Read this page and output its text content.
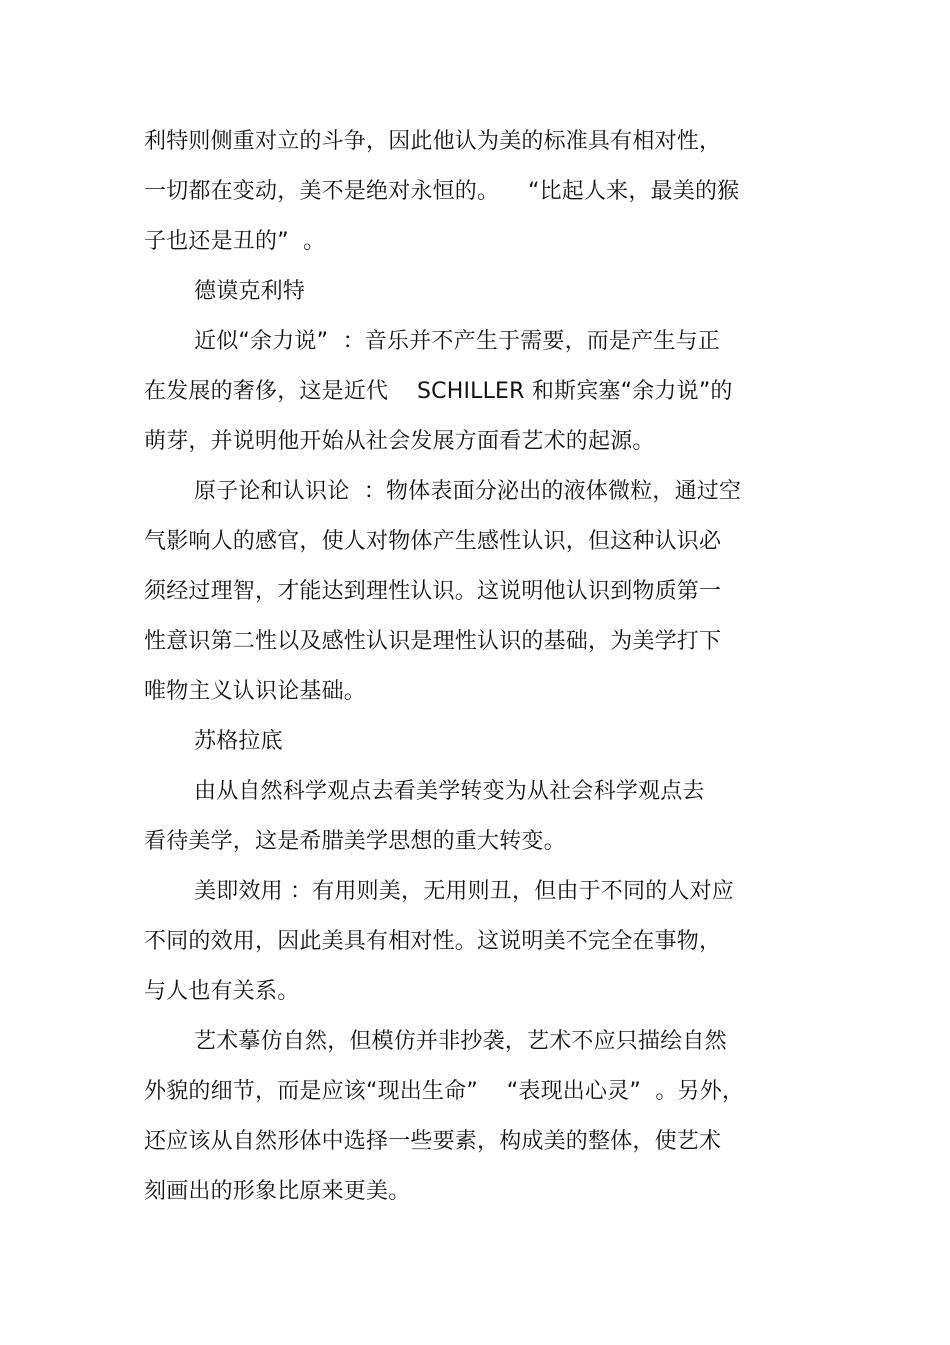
利特则侧重对立的斗争，因此他认为美的标准具有相对性，
一切都在变动，美不是绝对永恒的。    “比起人来，最美的猴
子也还是丑的”  。
德谟克利特
近似“余力说”  ：音乐并不产生于需要，而是产生与正
在发展的奢侈，这是近代    SCHILLER 和斯宾塞“余力说”的
萌芽，并说明他开始从社会发展方面看艺术的起源。
原子论和认识论  ：物体表面分泌出的液体微粒，通过空
气影响人的感官，使人对物体产生感性认识，但这种认识必
须经过理智，才能达到理性认识。这说明他认识到物质第一
性意识第二性以及感性认识是理性认识的基础，为美学打下
唯物主义认识论基础。
苏格拉底
由从自然科学观点去看美学转变为从社会科学观点去
看待美学，这是希腊美学思想的重大转变。
美即效用 ：有用则美，无用则丑，但由于不同的人对应
不同的效用，因此美具有相对性。这说明美不完全在事物，
与人也有关系。
艺术摹仿自然，但模仿并非抄袭，艺术不应只描绘自然
外貌的细节，而是应该“现出生命”    “表现出心灵”  。另外，
还应该从自然形体中选择一些要素，构成美的整体，使艺术
刻画出的形象比原来更美。
